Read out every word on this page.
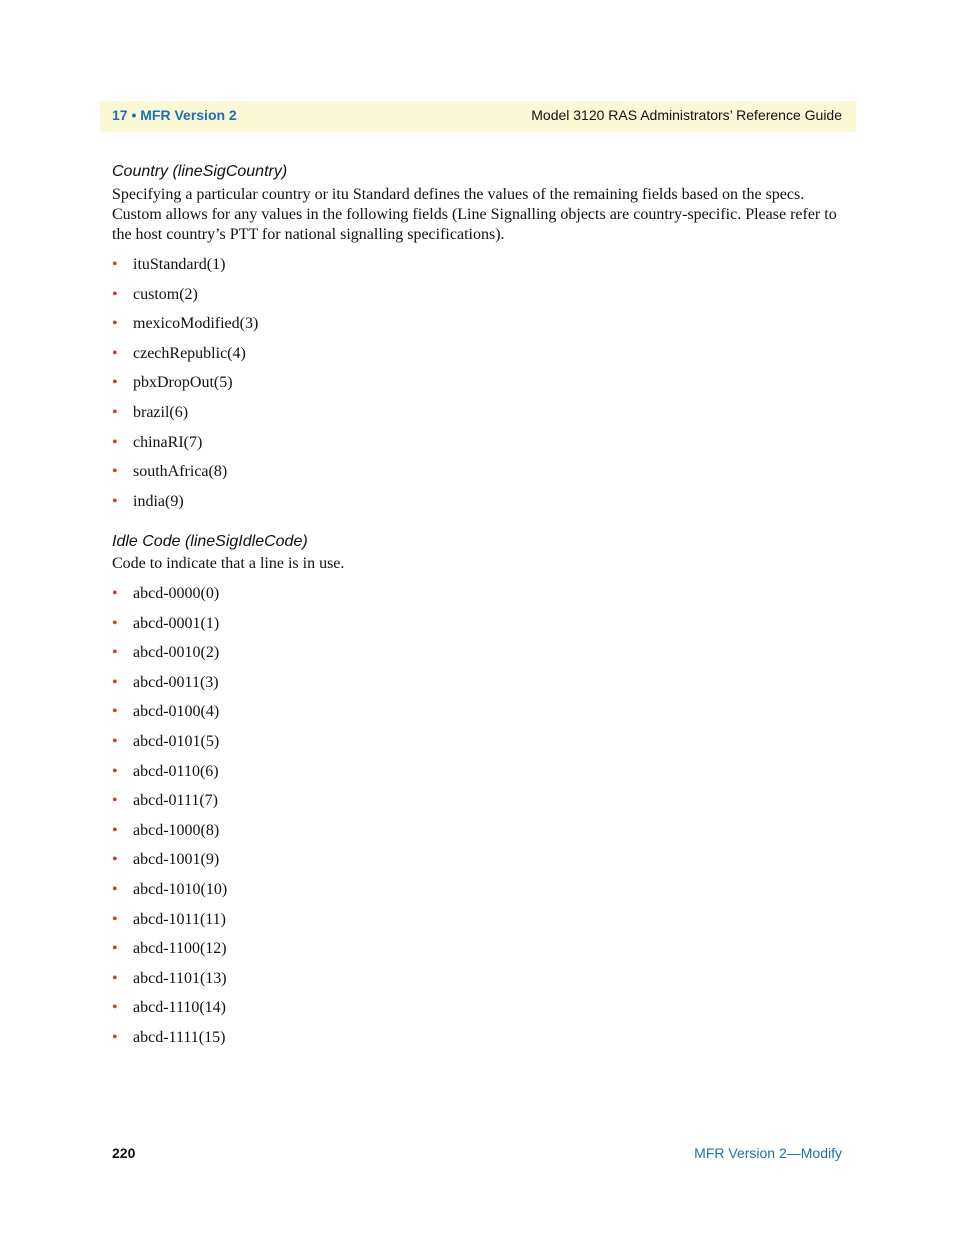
17 • MFR Version 2	Model 3120 RAS Administrators’ Reference Guide
Country (lineSigCountry)
Specifying a particular country or itu Standard defines the values of the remaining fields based on the specs. Custom allows for any values in the following fields (Line Signalling objects are country-specific. Please refer to the host country’s PTT for national signalling specifications).
• ituStandard(1)
• custom(2)
• mexicoModified(3)
• czechRepublic(4)
• pbxDropOut(5)
• brazil(6)
• chinaRI(7)
• southAfrica(8)
• india(9)
Idle Code (lineSigIdleCode)
Code to indicate that a line is in use.
• abcd-0000(0)
• abcd-0001(1)
• abcd-0010(2)
• abcd-0011(3)
• abcd-0100(4)
• abcd-0101(5)
• abcd-0110(6)
• abcd-0111(7)
• abcd-1000(8)
• abcd-1001(9)
• abcd-1010(10)
• abcd-1011(11)
• abcd-1100(12)
• abcd-1101(13)
• abcd-1110(14)
• abcd-1111(15)
220	MFR Version 2—Modify
